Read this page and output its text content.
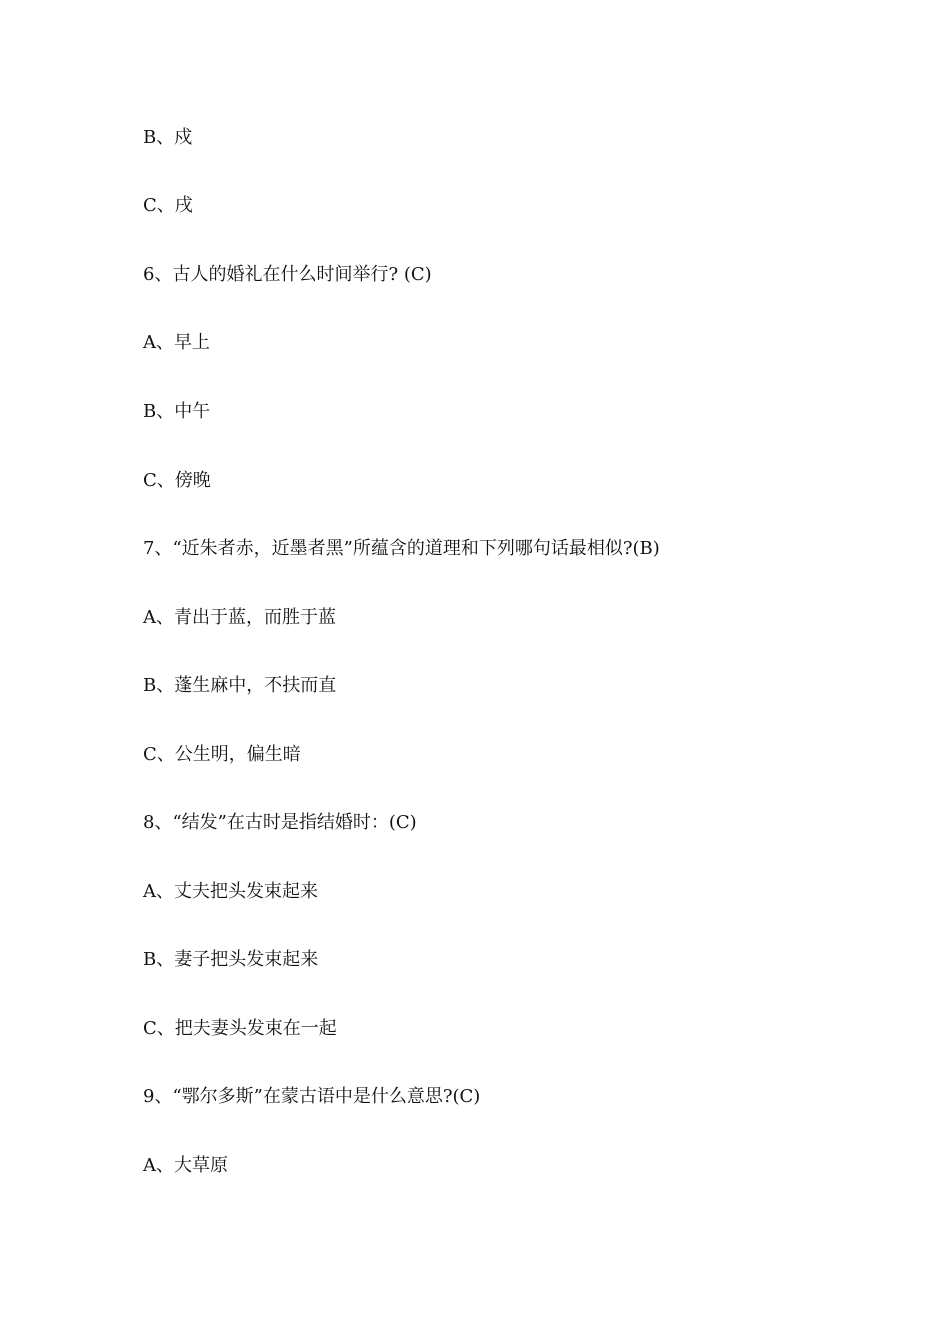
B、戍
C、戌
6、古人的婚礼在什么时间举行? (C)
A、早上
B、中午
C、傍晚
7、“近朱者赤，近墨者黑”所蕴含的道理和下列哪句话最相似?(B)
A、青出于蓝，而胜于蓝
B、蓬生麻中，不扶而直
C、公生明，偏生暗
8、“结发”在古时是指结婚时：(C)
A、丈夫把头发束起来
B、妻子把头发束起来
C、把夫妻头发束在一起
9、“鄂尔多斯”在蒙古语中是什么意思?(C)
A、大草原
